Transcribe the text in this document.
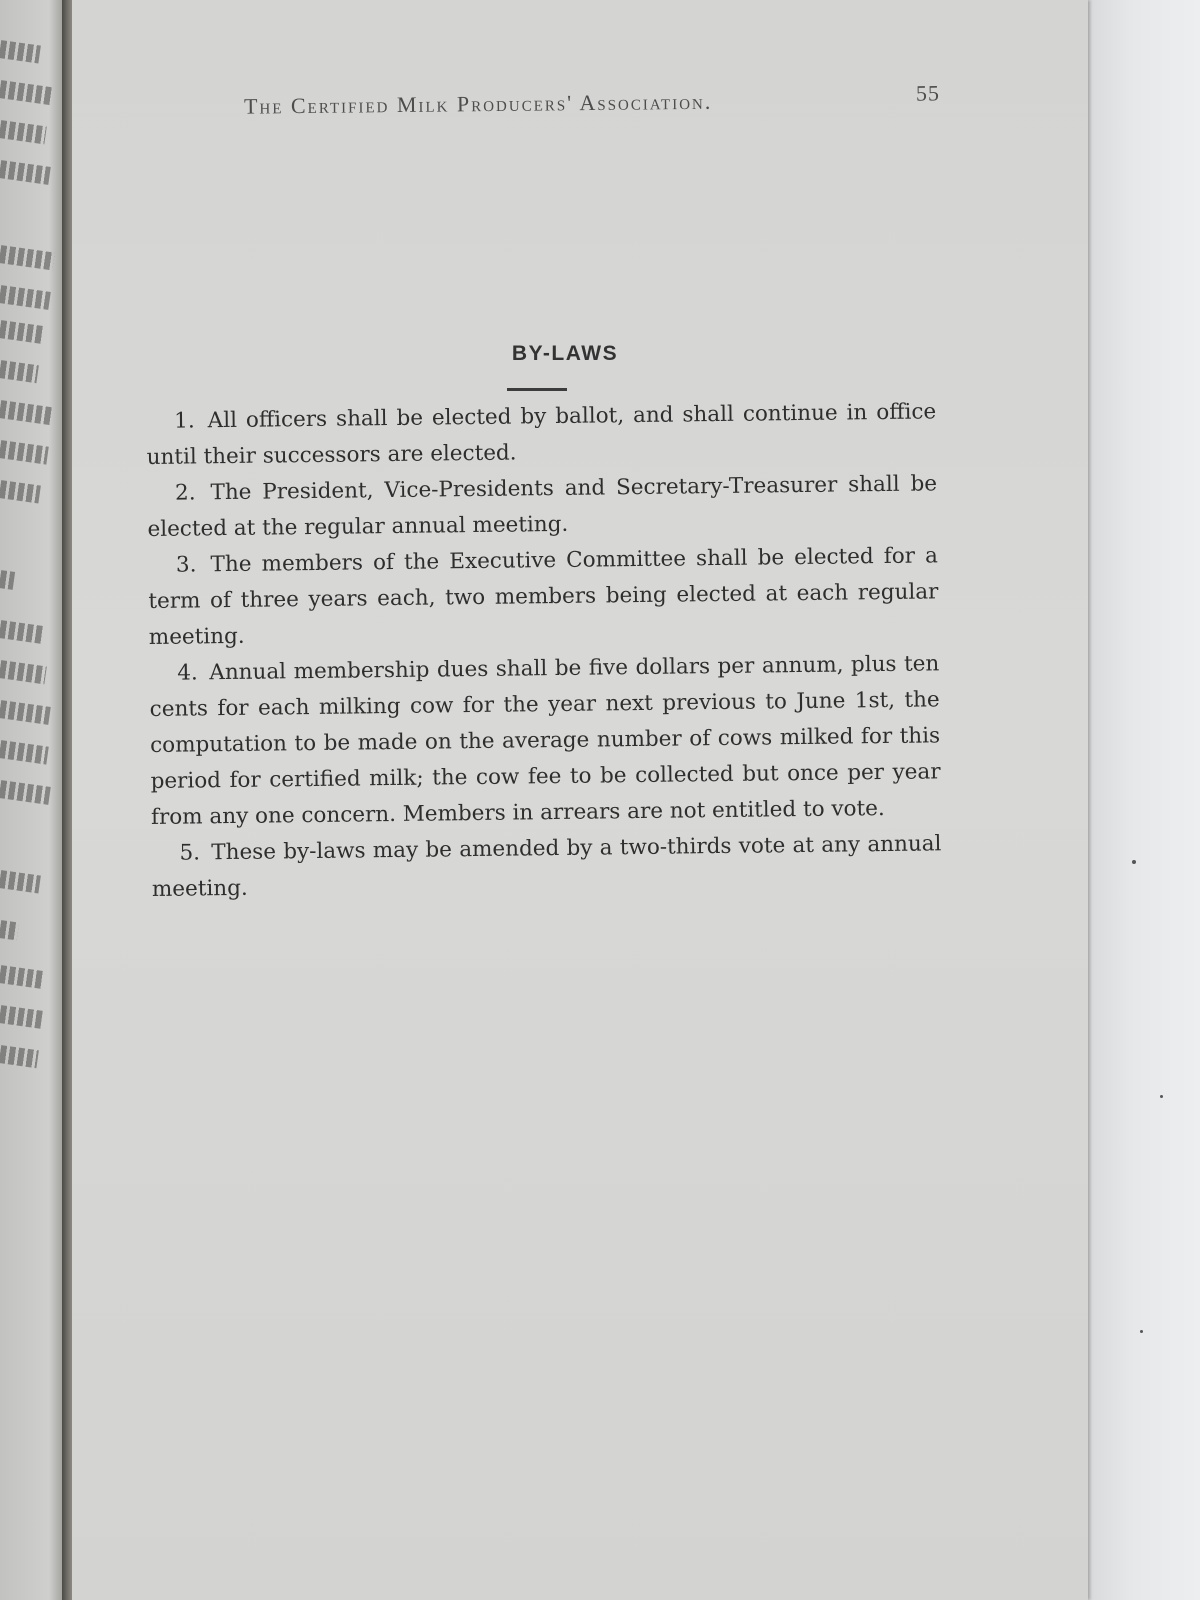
The Certified Milk Producers' Association.	55
BY-LAWS

1. All officers shall be elected by ballot, and shall continue in office until their successors are elected.

2. The President, Vice-Presidents and Secretary-Treasurer shall be elected at the regular annual meeting.

3. The members of the Executive Committee shall be elected for a term of three years each, two members being elected at each regular meeting.

4. Annual membership dues shall be five dollars per annum, plus ten cents for each milking cow for the year next previous to June 1st, the computation to be made on the average number of cows milked for this period for certified milk; the cow fee to be collected but once per year from any one concern. Members in arrears are not entitled to vote.

5. These by-laws may be amended by a two-thirds vote at any annual meeting.
